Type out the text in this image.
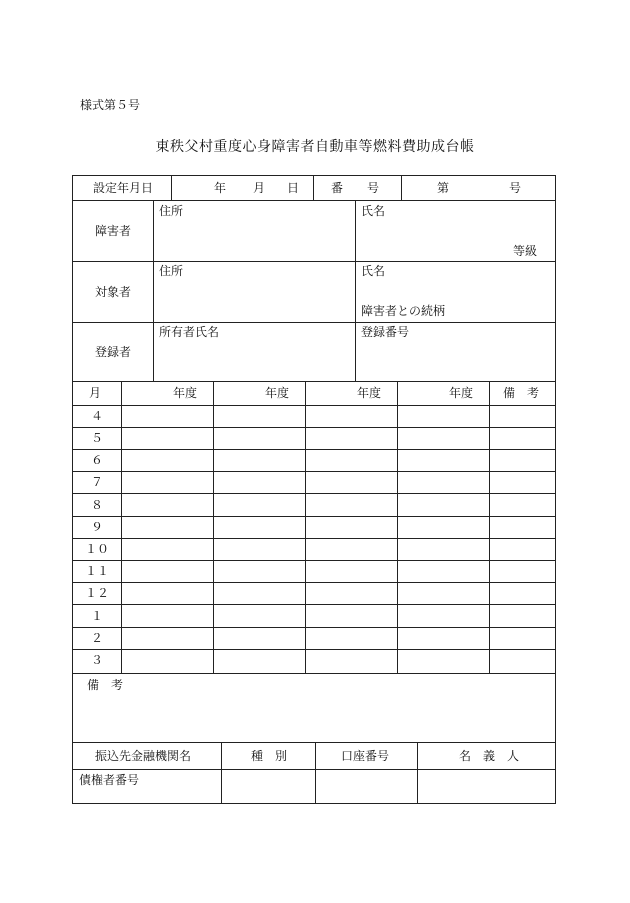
様式第５号
東秩父村重度心身障害者自動車等燃料費助成台帳
設定年月日	年 月 日	番　　号	第	号
障害者
住所	氏名
等級
対象者
住所	氏名
障害者との続柄
登録者
所有者氏名	登録番号
月	年度	年度	年度	年度 備　考
４
５
６
７
８
９
１０
１１
１２
１
２
３
備　考
振込先金融機関名	種　別	口座番号	名　義　人
債権者番号
